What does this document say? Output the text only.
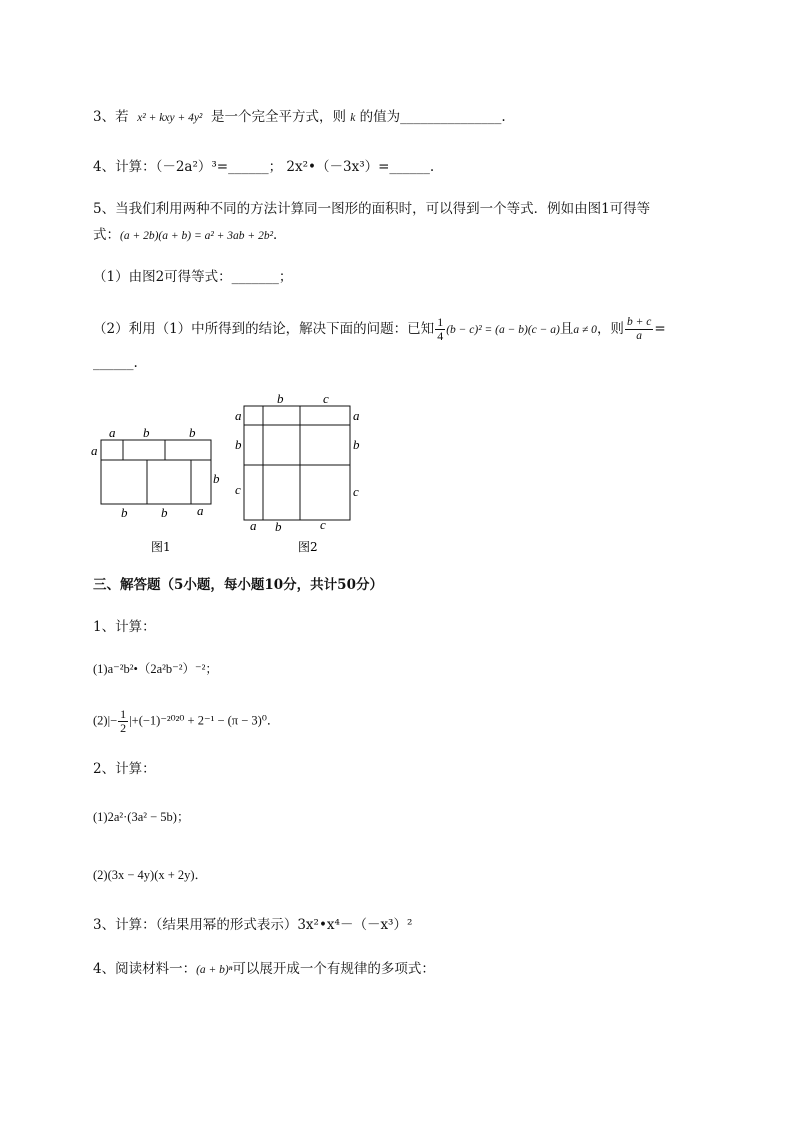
3、若 x² + kxy + 4y² 是一个完全平方式，则 k 的值为_______________.
4、计算：（－2a²）³=______； 2x²•（－3x³）=______.
5、当我们利用两种不同的方法计算同一图形的面积时，可以得到一个等式．例如由图1可得等
式：(a + 2b)(a + b) = a² + 3ab + 2b²．
（1）由图2可得等式：_______；
（2）利用（1）中所得到的结论，解决下面的问题：已知 $\frac{1}{4} (b - c)^2 = (a - b)(c - a)$且a ≠ 0，则 $\frac{b + c}{a}$ =
______.
a b	b
a
b
b	b a
图1
b	c
a
b
c
a
b
c
a b	c
图2
三、解答题（5小题，每小题10分，共计50分）
1、计算：
(1)a⁻²b²•（2a²b⁻²）⁻²；
$(2)|- \frac{1}{2} |+(-1)^{-2020} + 2^{-1} - (\pi - 3)^0$．
2、计算：
(1)2a²·(3a² − 5b)；
(2)(3x − 4y)(x + 2y)．
3、计算：（结果用幂的形式表示）3x²•x⁴－（－x³）²
4、阅读材料一：(a + b)ⁿ可以展开成一个有规律的多项式：
